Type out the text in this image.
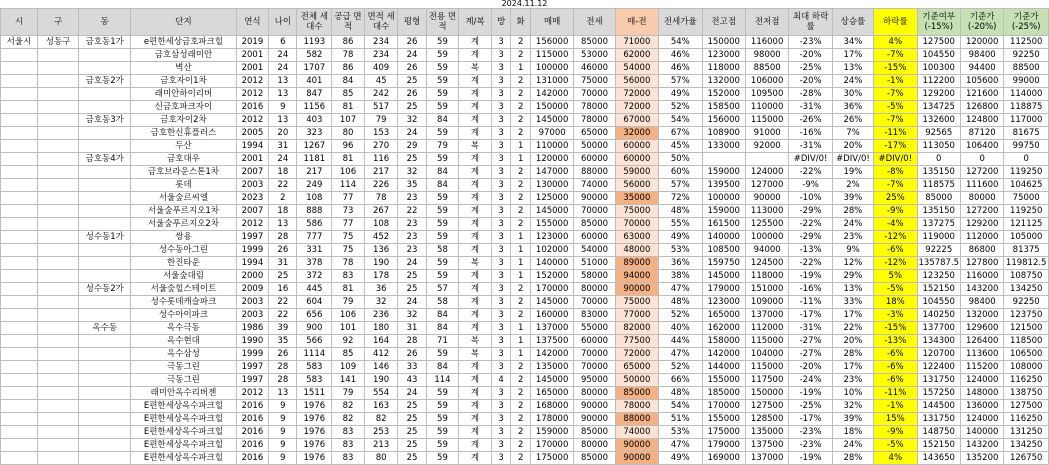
2024.11.12
시	구	동	단지	연식	나이	전체 세대수	공급 면적	면적 세대수	평형	전용 면적	계/복	방	화	매매	전세	매-전	전세가율	전고점	전저점	최대 하락률	상승률	하락률	기준여부 (-15%)	기준가 (-20%)	기준가 (-25%)
서울시	성동구	금호동1가	e편한세상금호파크힐	2019	6	1193	86	234	26	59	계	3	2	156000	85000	71000	54%	150000	116000	-23%	34%	4%	127500	120000	112500
			금호삼성래미안	2001	24	582	78	234	24	59	계	3	2	115000	53000	62000	46%	123000	98000	-20%	17%	-7%	104550	98400	92250
			벽산	2001	24	1707	86	409	26	59	복	3	1	100000	46000	54000	46%	118000	88500	-25%	13%	-15%	100300	94400	88500
		금호동2가	금호자이1차	2012	13	401	84	45	25	59	계	3	2	131000	75000	56000	57%	132000	106000	-20%	24%	-1%	112200	105600	99000
			래미안하이리버	2012	13	847	85	242	26	59	계	3	2	142000	70000	72000	49%	152000	109500	-28%	30%	-7%	129200	121600	114000
			신금호파크자이	2016	9	1156	81	517	25	59	계	3	2	150000	78000	72000	52%	158500	110000	-31%	36%	-5%	134725	126800	118875
		금호동3가	금호자이2차	2012	13	403	107	79	32	84	계	3	2	145000	78000	67000	54%	156000	115000	-26%	26%	-7%	132600	124800	117000
			금호한신휴플러스	2005	20	323	80	153	24	59	계	3	2	97000	65000	32000	67%	108900	91000	-16%	7%	-11%	92565	87120	81675
			두산	1994	31	1267	96	270	29	79	복	3	1	110000	50000	60000	45%	133000	92000	-31%	20%	-17%	113050	106400	99750
		금호동4가	금호대우	2001	24	1181	81	116	25	59	계	3	1	120000	60000	60000	50%			#DIV/0!	#DIV/0!	#DIV/0!	0	0	0
			금호브라운스톤1차	2007	18	217	106	217	32	84	계	3	2	147000	88000	59000	60%	159000	124000	-22%	19%	-8%	135150	127200	119250
			롯데	2003	22	249	114	226	35	84	계	3	2	130000	74000	56000	57%	139500	127000	-9%	2%	-7%	118575	111600	104625
			서울숲르씨엘	2023	2	108	77	78	23	59	계	3	2	125000	90000	35000	72%	100000	90000	-10%	39%	25%	85000	80000	75000
			서울숲푸르지오1차	2007	18	888	73	267	22	59	계	3	2	145000	70000	75000	48%	159000	113000	-29%	28%	-9%	135150	127200	119250
			서울숲푸르지오2차	2012	13	586	77	108	23	59	계	3	2	155000	85000	70000	55%	161500	125500	-22%	24%	-4%	137275	129200	121125
		성수동1가	쌍용	1997	28	777	75	452	23	59	계	3	1	123000	60000	63000	49%	140000	100000	-29%	23%	-12%	119000	112000	105000
			성수동아그린	1999	26	331	75	136	23	58	계	3	1	102000	54000	48000	53%	108500	94000	-13%	9%	-6%	92225	86800	81375
			한진타운	1994	31	378	78	190	24	59	복	3	1	140000	51000	89000	36%	159750	124500	-22%	12%	-12%	135787.5	127800	119812.5
			서울숲대림	2000	25	372	83	178	25	59	계	3	1	152000	58000	94000	38%	145000	118000	-19%	29%	5%	123250	116000	108750
		성수동2가	서울숲힐스테이트	2009	16	445	81	36	25	57	계	3	2	170000	80000	90000	47%	179000	151000	-16%	13%	-5%	152150	143200	134250
			성수롯데캐슬파크	2003	22	604	79	32	24	58	계	3	2	145000	70000	75000	48%	123000	109000	-11%	33%	18%	104550	98400	92250
			성수아이파크	2003	22	656	106	236	32	84	계	3	2	160000	83000	77000	52%	165000	137000	-17%	17%	-3%	140250	132000	123750
		옥수동	옥수극동	1986	39	900	101	180	31	84	계	3	1	137000	55000	82000	40%	162000	112000	-31%	22%	-15%	137700	129600	121500
			옥수현대	1990	35	566	92	164	28	71	복	3	1	137500	60000	77500	44%	158000	115000	-27%	20%	-13%	134300	126400	118500
			옥수삼성	1999	26	1114	85	412	26	59	복	3	1	142000	70000	72000	47%	142000	104000	-27%	28%	-6%	120700	113600	106500
			극동그린	1997	28	583	109	146	33	84	계	3	2	135000	70000	65000	52%	144000	115000	-20%	17%	-6%	122400	115200	108000
			극동그린	1997	28	583	141	190	43	114	계	4	2	145000	95000	50000	66%	155000	117500	-24%	23%	-6%	131750	124000	116250
			래미안옥수리버젠	2012	13	1511	79	554	24	59	계	3	2	165000	80000	85000	48%	185000	150000	-19%	10%	-11%	157250	148000	138750
			E편한세상옥수파크힐	2016	9	1976	82	163	25	59	계	3	2	168000	90000	78000	54%	170000	127500	-25%	32%	-1%	144500	136000	127500
			E편한세상옥수파크힐	2016	9	1976	82	82	25	59	계	3	2	178000	90000	88000	51%	155000	128500	-17%	39%	15%	131750	124000	116250
			E편한세상옥수파크힐	2016	9	1976	83	253	25	59	계	3	2	159000	85000	74000	53%	175000	135000	-23%	18%	-9%	148750	140000	131250
			E편한세상옥수파크힐	2016	9	1976	83	213	25	59	계	3	2	170000	80000	90000	47%	179000	137500	-23%	24%	-5%	152150	143200	134250
			E편한세상옥수파크힐	2016	9	1976	83	80	25	59	계	3	2	175000	85000	90000	49%	169000	137000	-19%	28%	4%	143650	135200	126750
